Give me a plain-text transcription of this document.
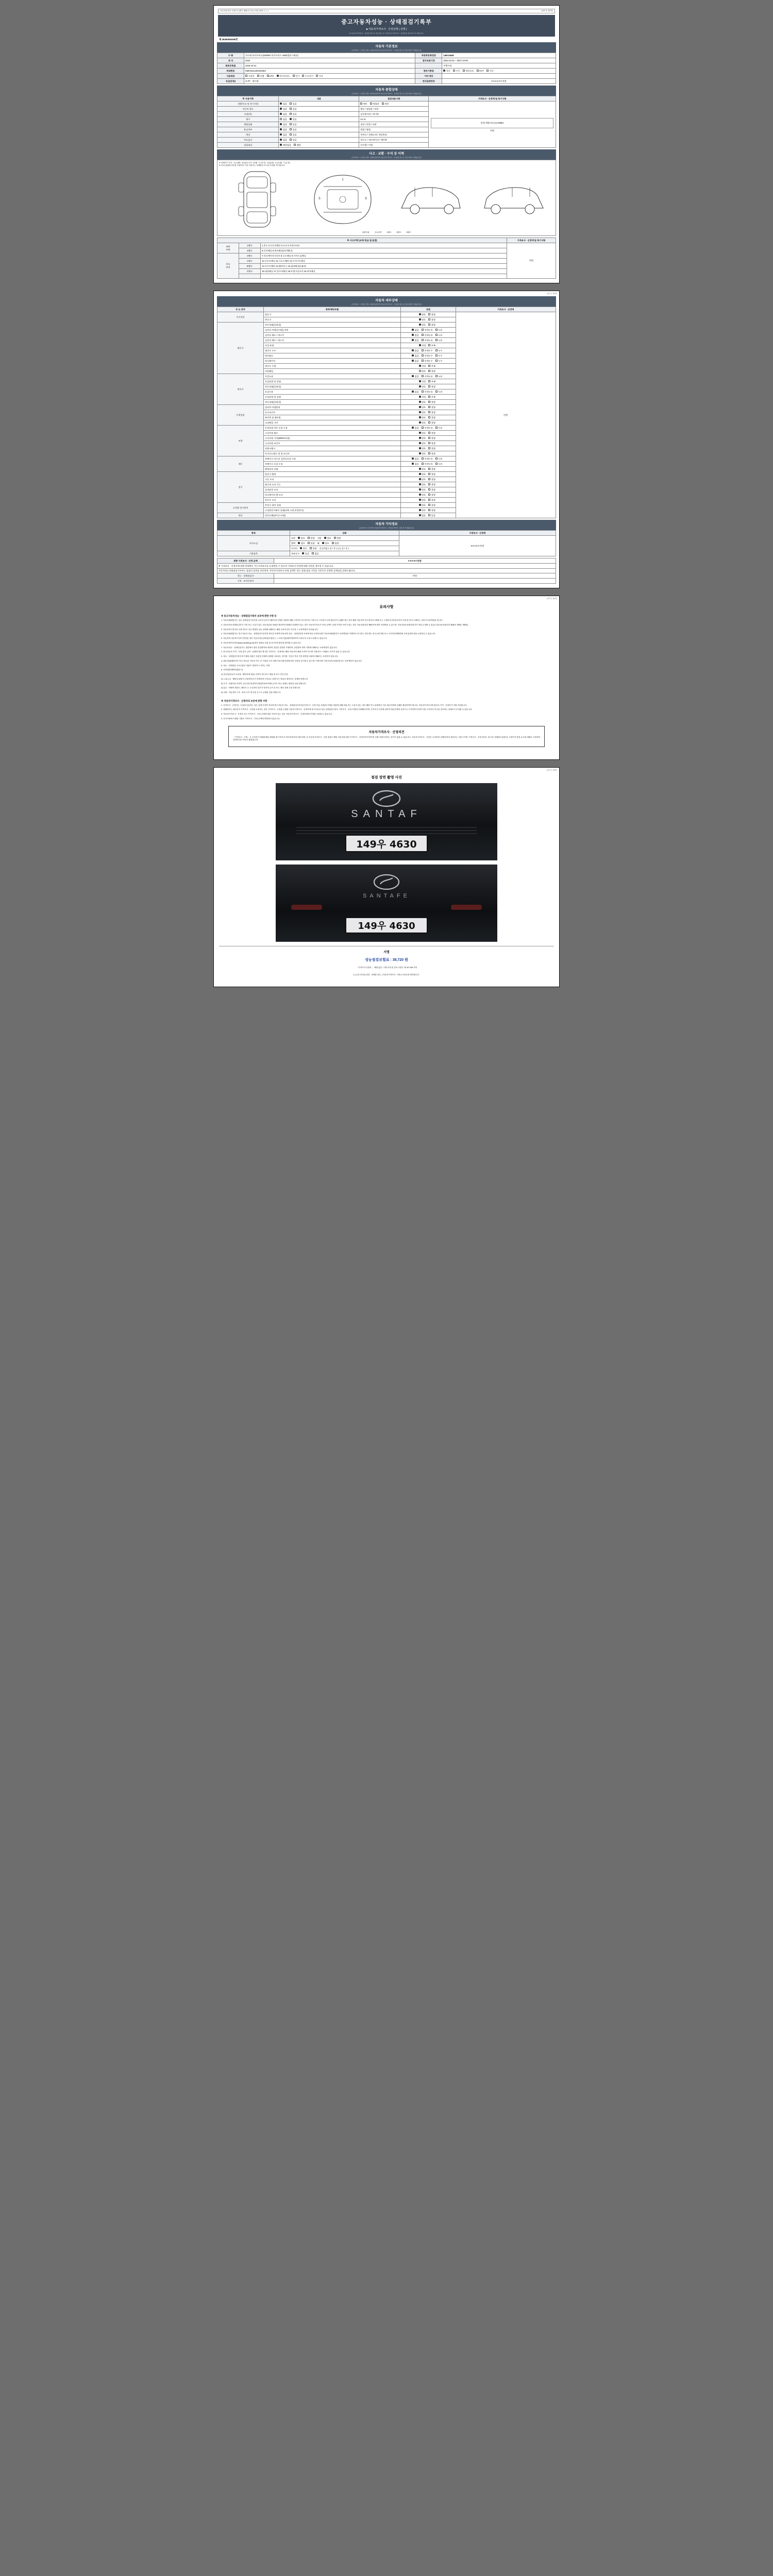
자동차관리법 시행규칙 [별지 제82호서식] <개정 2023. 1. 1.>	(3쪽 중 제1쪽)
중고자동차성능 · 상태점검기록부
■ 자동차가격조사 · 산정선택 ( 선택 )
※ 자동차가격조사 · 산정을 받으신 경우에는 본 기록부의 가격조사 · 산정란을 참조하시기 바랍니다.
제 26260006390호
자동차 기본정보
(가격조사 · 산정은 별도 선택사항이며 자동차가격조사 · 산정을 받으신 경우에만 기재됩니다)
수 량	산타페 하이브리드(SW/MX 하이브리드 AWD캘리그래피)	자동차등록번호	149우4630
연 식	2024	검사유효기간	2023-10-01 ~ 2027-10-00
최초등록일	2023-10-31		주행거리
차대번호	KMHS51LDRU00364	변속기종류	자동 수동 세미오토 CVT 기타
사용연료	가솔린 디젤 LPG 하이브리드 전기 수소전기 기타	기타 정보	
등급(등록)	G-PT · 배기량	연식일련번호	0 0 0 0 0 0 만원
자동차 종합상태
(가격조사 · 산정은 별도 선택사항이며 자동차가격조사 · 산정을 받으신 경우에만 기재됩니다)
※ 사용이력	내용	점검내용사항	가격조사 · 산정액 및 특기사항
전환/사고 및 특기사항	없음 있음	렌트 영업용 관용	현재 계량거리 44,782km
만원

자동차 용도	없음 있음	렌트 / 영업용 / 관용	
비용(주)	없음 있음	실주행거리 / 계기판	
제시	없음 있음	cm %	
계량상태	없음 있음	정상 / 변경 / 교환	
튜닝여부	없음 있음	불법 / 합법	
색상	없음 있음	무변속 / 전체도색 / 색상변경	
주요옵션	없음 있음	썬루프 / 내비게이션 / 에어백	
리콜대상	해당없음 해당	미이행 / 이행	
사고 · 교환 · 수리 등 이력
(가격조사 · 산정은 별도 선택사항이며 자동차가격조사 · 산정을 받으신 경우에만 기재됩니다)
※ 상태표시 부호 : X (교환) · W (판금 또는 용접) · C (부식) · A (흠집) · U (요철) · T (손상)
※ 작성 알림에 외부를 직접하여 기록 작업자는 상태확인 표시된 부위를 표기합니다.
1
5	9
외판부위	주요골격	1랭크	2랭크	3랭크
※ 사고이력 (교차/ 판금 및 용접)			가격조사 · 산정액 및 특기사항
외판
부위	1랭크	1.후드 2.프론트휀더 3.도어 4.트렁크리드	만원
	2랭크	5.로커패널 6.쿼터패널(리어휀더)	
주요
골격	3랭크	7.라디에이터서포트 8.루프패널 9.사이드실패널	
	A랭크	10.프론트패널 11.크로스멤버 12.인사이드패널	
	B랭크	13.사이드멤버 14.휠하우스 15.필러패널(A,B,C)	
	C랭크	16.대쉬패널 17.플로어패널 18.트렁크플로어 19.리어패널	

(3쪽 중 제2쪽)
자동차 세부상태
(가격조사 · 산정은 별도 선택사항이며 자동차가격조사 · 산정을 받으신 경우에만 기재됩니다)
주 요 장치	항목/해당부품	상태	가격조사 · 산정액
자기진단	원동기	양호 불량	만원
	변속기	양호 불량	
원동기	작동상태(공회전)	양호 불량	
	실린더 커버(로커암) 커버	없음 미세누유 누유	
	실린더 헤드 / 개스킷	없음 미세누유 누유	
	실린더 헤드 / 개스킷	없음 미세누유 누유	
	오일 유량	적정 부족	
	냉각수 누수	없음 미세누수 누수	
	워터펌프	없음 미세누수 누수	
	라디에이터	없음 미세누수 누수	
	냉각수 수량	적정 부족	
	커먼레일	양호 불량	
변속기	오일누유	없음 미세누유 누유	
	오일유량 및 상태	적정 부족	
	작동상태(공회전)	양호 불량	
	오일누유	없음 미세누유 누유	
	오일유량 및 상태	적정 부족	
	작동상태(공회전)	양호 불량	
동력전달	클러치 어셈블리	양호 불량	
	등속조인트	양호 불량	
	추진축 및 베어링	양호 불량	
	디퍼렌셜 기어	양호 불량	
조향	동력조향 작동 오일 누유	없음 미세누유 누유	
	스티어링 펌프	양호 불량	
	스티어링 기어(MDPS포함)	양호 불량	
	스티어링 조인트	양호 불량	
	파워크랭크	양호 불량	
	타이로드엔드 및 볼 조인트	양호 불량	
제동	브레이크 마스터 실린더오일 누유	없음 미세누유 누유	
	브레이크 오일 누유	없음 미세누유 누유	
	배력장치 상태	양호 불량	
전기	발전기 출력	양호 불량	
	시동 모터	양호 불량	
	와이퍼 모터 기능	양호 불량	
	실내송풍 모터	양호 불량	
	라디에이터 팬 모터	양호 불량	
	윈도우 모터	양호 불량	
고전원 전기장치	충전구 절연 상태	양호 불량	
	고전원전기배선 상태(피복,고정,연결단자)	양호 불량	
연료	연료누출(LP가스포함)	없음 있음	
자동차 기타정보
(※ 항목은 부가적인 자동차가격조사 · 산정을 받아도 경우에 기재됩니다)
항목	상태	가격조사 · 산정액
사이드실	외장 양호 불량 내장 양호 불량	0 0 0 0 0 만원
	광택 양호 불량 휠 양호 불량	
	타이어 양호 불량 운전석앞 ( 전 / 후 ) 뒤 ( 전 / 후 )	
기본품목	보유공구 있음 없음	
최종 가격조사 · 산정 금액	0 0 0 0 0 만원
※ 가격조사 · 산정자에 상황·현물확인 가능가격조사를 요청받을 수 있으며 가격조사·산정에 대한 의견을 제시할 수 있습니다.	
자동차성능상태점검기록부는 점검의 결과를 보증하며, 자동차가격조사·산정 금액은 성능·상태 점검 기록을 기준으로 산정한 금액임을 알려드립니다.	
성능 · 상태점검자	만원
가격 · 조사산정자	
(3쪽 중 제3쪽)
유의사항
※ 중고자동차성능 · 상태점검기록부 보증에 관한 사항 등

1. 자동차매매업자는 성능·상태점검기록부를 교부한 날부터 제5조에 기재한 내용에 대해 고지하지 아니하거나 거짓으로 고지함으로써 매수인이 손해를 입은 경우 해당 자동차의 인도일부터 2개월 또는 주행거리 2만킬로미터 이내 중 먼저 도래하는 것까지 보증책임을 집니다.

2. 자동차성능상태점검자가 거짓 또는 오류가 있는 성능점검을 내용을 제공하여 매매의 상대방이 있는 경우 자동차가격조사·산정 금액이 실제 가격과 차이가 있는 경우 자동차관리법 제80조에 따라 처벌받을 수 있으며, 자동차성능상태점검자가 허위 수정할 수 있습니다(자동차관리법 제58조 제5항, 제6항).

3. 자동차인도일부터 보증기간이 지나 발생한 성능·상태에 대해서는 해당 보증기간이 지나면 그 보증책임이 종료됩니다.

4. 자동차매매업자는 중고자동차 성능 · 상태점검기록부를 제시한 자에게 자동차의 성능 · 상태점검의 보증에 따른 보증에 관한 자동차매매업자가 보증책임을 이행하지 아니하는 경우에는 한국소비자원 또는 소비자단체협의회 등에 분쟁조정을 신청하실 수 있습니다.

5. 자동차의 성능에 이상이 발견된 경우 자동차성능상태점검자(또는 그 보증기관)에게 연락하여 보증수리 등을 요청할 수 있습니다.

6. 자동차대여사업자(www.car365.go.kr)에서 내용을 조회 및 검사이력 확인을 확인할 수 있습니다.

7. 자동차성능 · 상태점검자는 법령에서 정한 점검항목에 대하여 점검한 결과를 기재하며, 점검항목 외의 사항에 대해서는 보증책임이 없습니다.

2. 중고자동차 가격 · 산정 통지 금액 · 실제액 결과 제시된 가격조사 · 산정액은 해당 자동차의 매매 가격이 아니며 거래 당시 시세와는 차이가 있을 수 있습니다.

3. 성능 · 상태점검기록부에 기재된 내용은 점검일 현재의 상태를 나타내는 것이며, 기록부 작성 이후 변경된 내용에 대해서는 보증하지 않습니다.

4. 매수인(매매업자가 아닌 경우)은 자동차 인도 후 지정된 기간 내에 자동차관리법에 따라 보증을 청구할 수 있으며, 이에 따라 자동차성능상태점검자는 보증책임이 있습니다.

5. 성능 · 상태점검 국토교통부 장관이 정하여 고시하는 사항

6. 보증법률 BEST(없음시)

1) 자동차(자동차 소유권 · 해당자에 제공) 지정이 정도표시 제품 및 표시 진단 동일

2) 누유/누수 : 해당부위에서 오일/냉각수가 미세하게 스며나온 상태 또는 방울로 떨어지는 상태를 말합니다.

3) 부식 : 차량부위 표면이 금속산화 환경적인 환원작용에 의해 금속이 아닌 상태로 변화된 것을 말합니다.

4) 흠수 : 차량의 외관도, 페인트 등 주요장치 일부가 벗겨져 금이 간 또는 깨진 상태 등을 말합니다.

5) 교환 : 자동차의 구조 · 장치 등이 새 부품 등으로 교체된 것을 말합니다.

※ 자동차가격조사 · 산정자의 보증에 관한 사항

1. 가격조사 · 산정자는 사실에 상응하는 것은 실제 가격의 자료에 중고자동차 성능 · 상태점검기록부(가격조사 · 산정 부분 포함)에 기재한 내용에 대해 허위 또는 오류가 있는 경우 해당 인도 관계에서 지속 매수인에게 손해를 배상하여야 합니다. 자동차가격조사에 있어서 가격 · 산정자가 직접 작성합니다.

2. 매매업자는 매수인이 가격조사 · 산정을 요청하는 경우 가격조사 · 산정을 수행한 자동차가격조사 · 산정자에 중고자동차 성능·상태점검기록부 가격조사 · 산정 사항에 기재해야 하며, 가격조사·산정에 관하여 매수인에게 서면으로 고지하여야 하며 이를 고지하지 아니한 경우에는 과태료가 부과될 수 있습니다.

3. 자동차가격조사 · 산정자 등은 가격조사 · 산정 금액에 대한 이의가 있는 경우 자동차가격조사 · 산정자에게 이의를 신청할 수 있습니다.

4. 특기사항에 기재된 사항은 가격조사 · 산정 금액에 반영되어 있습니다.

자동차가격조사 · 산정의견

「가격조사 · 산정」은 소비자가 매매차량을 매입할 때 가격조사 의견서에 따라 제공되며, 본 자동차가격조사 · 산정 내용은 해당 자동차에 대한 가격조사 · 산정자의 의견이며 실제 거래가격과는 차이가 있을 수 있습니다. 자동차가격조사 · 산정은 소비자의 선택에 따라 제공되는 서비스이며, 가격조사 · 산정 결과는 중고차 거래에서 판매 및 구매가격 결정 요소에 대해서 구매자의 결정에 참고자료로 활용됩니다.

(3쪽 중 제3쪽)
점검 장면 촬영 사진
SANTAF
149우 4630
SANTAFE
149우 4630
서명
성능점검보험료 : 38,720 원
「 가격조사·산정자 」 해당 없음. / 세부요청 및 문의 사항은 제 147-094 까지
[ 1 ] 중고차성능점검 · 상태를 검토. ( 자동차가격조사 · 산정 ) 보증문을 확인합니다.
